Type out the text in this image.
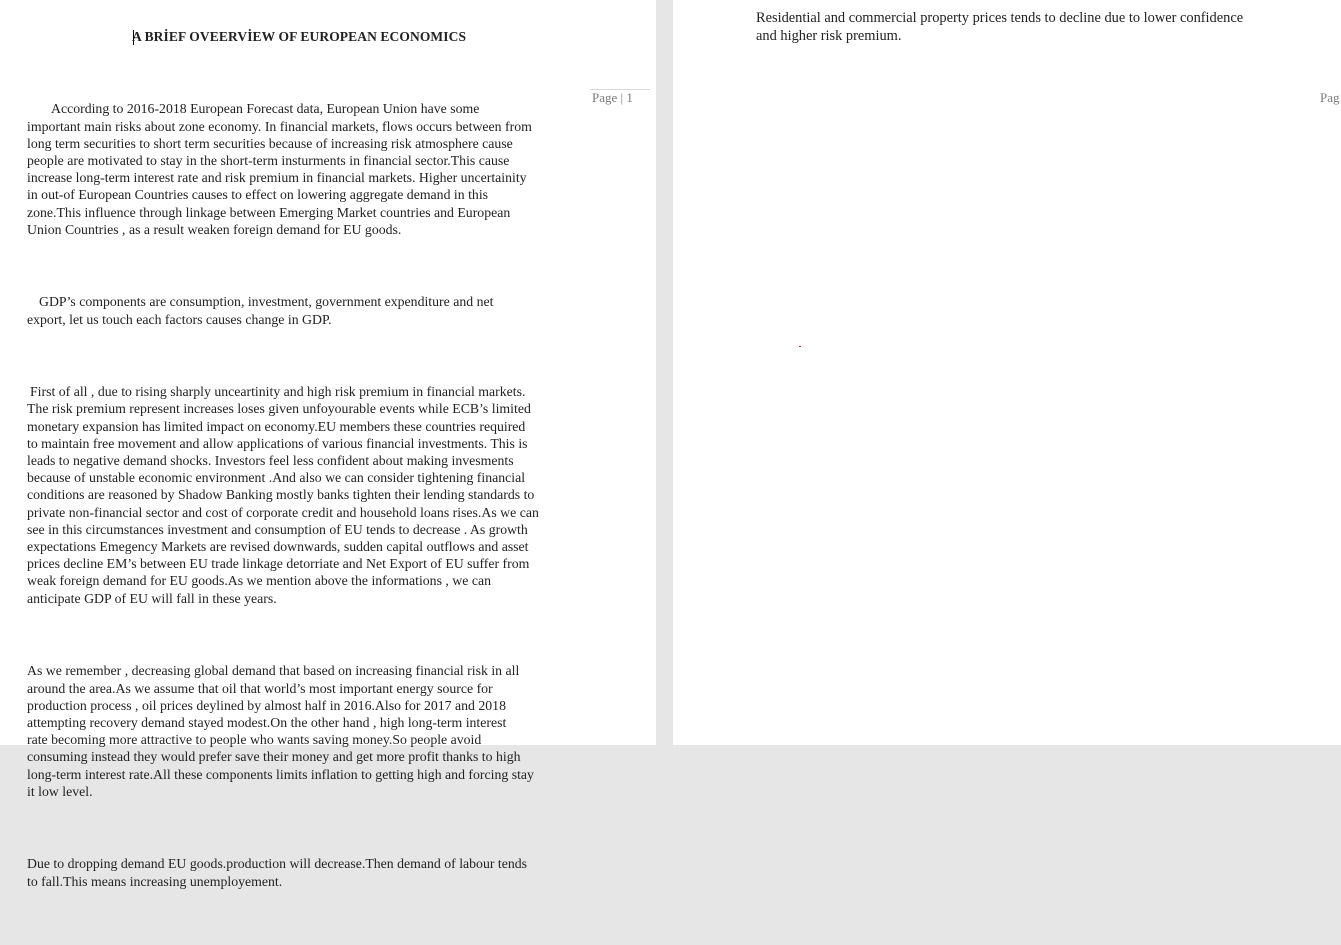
A BRİEF OVEERVİEW OF EUROPEAN ECONOMICS

According to 2016-2018 European Forecast data, European Union have some
important main risks about zone economy. In financial markets, flows occurs between from
long term securities to short term securities because of increasing risk atmosphere cause
people are motivated to stay in the short-term insturments in financial sector.This cause
increase long-term interest rate and risk premium in financial markets. Higher uncertainity
in out-of European Countries causes to effect on lowering aggregate demand in this
zone.This influence through linkage between Emerging Market countries and European
Union Countries , as a result weaken foreign demand for EU goods.

GDP’s components are consumption, investment, government expenditure and net
export, let us touch each factors causes change in GDP.

First of all , due to rising sharply unceartinity and high risk premium in financial markets.
The risk premium represent increases loses given unfoyourable events while ECB’s limited
monetary expansion has limited impact on economy.EU members these countries required
to maintain free movement and allow applications of various financial investments. This is
leads to negative demand shocks. Investors feel less confident about making invesments
because of unstable economic environment .And also we can consider tightening financial
conditions are reasoned by Shadow Banking mostly banks tighten their lending standards to
private non-financial sector and cost of corporate credit and household loans rises.As we can
see in this circumstances investment and consumption of EU tends to decrease . As growth
expectations Emegency Markets are revised downwards, sudden capital outflows and asset
prices decline EM’s between EU trade linkage detorriate and Net Export of EU suffer from
weak foreign demand for EU goods.As we mention above the informations , we can
anticipate GDP of EU will fall in these years.

As we remember , decreasing global demand that based on increasing financial risk in all
around the area.As we assume that oil that world’s most important energy source for
production process , oil prices deylined by almost half in 2016.Also for 2017 and 2018
attempting recovery demand stayed modest.On the other hand , high long-term interest
rate becoming more attractive to people who wants saving money.So people avoid
consuming instead they would prefer save their money and get more profit thanks to high
long-term interest rate.All these components limits inflation to getting high and forcing stay
it low level.

Due to dropping demand EU goods.production will decrease.Then demand of labour tends
to fall.This means increasing unemployement.

Page | 1
Residential and commercial property prices tends to decline due to lower confidence
and higher risk premium.
Pag
